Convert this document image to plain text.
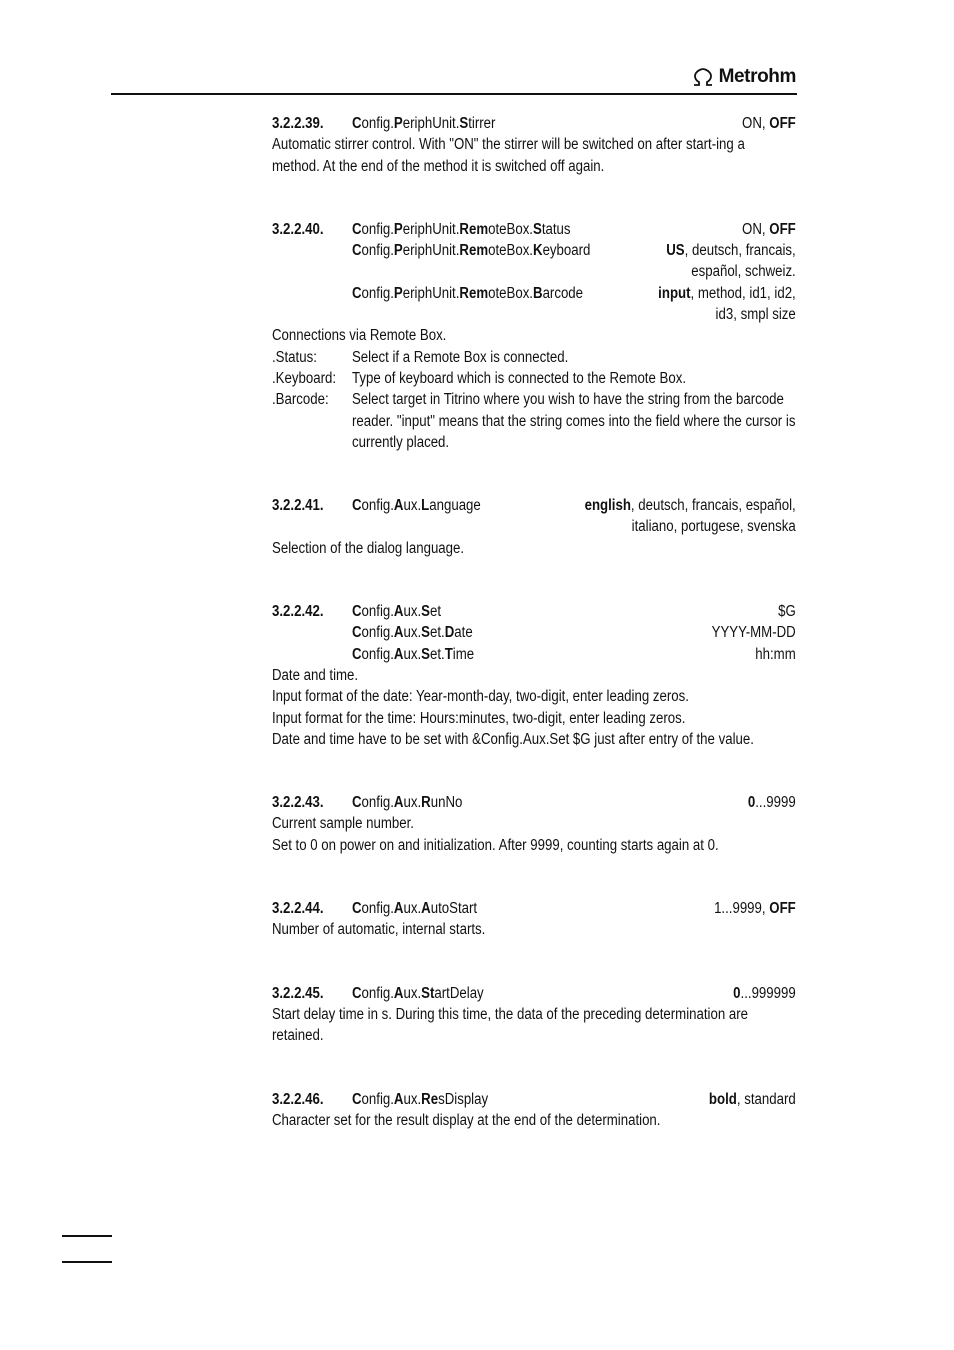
Metrohm
3.2.2.39.	Config.PeriphUnit.Stirrer	ON, OFF

Automatic stirrer control. With "ON" the stirrer will be switched on after start-ing a method. At the end of the method it is switched off again.

3.2.2.40.	Config.PeriphUnit.RemoteBox.Status	ON, OFF
Config.PeriphUnit.RemoteBox.Keyboard	US, deutsch, francais,
español, schweiz.
Config.PeriphUnit.RemoteBox.Barcode	input, method, id1, id2,
id3, smpl size

Connections via Remote Box.

.Status:	Select if a Remote Box is connected.
.Keyboard:	Type of keyboard which is connected to the Remote Box.
.Barcode:	Select target in Titrino where you wish to have the string from the barcode reader. "input" means that the string comes into the field where the cursor is currently placed.
3.2.2.41.	Config.Aux.Language	english, deutsch, francais, español,
italiano, portugese, svenska

Selection of the dialog language.

3.2.2.42.	Config.Aux.Set	$G
Config.Aux.Set.Date	YYYY-MM-DD
Config.Aux.Set.Time	hh:mm

Date and time.

Input format of the date: Year-month-day, two-digit, enter leading zeros.

Input format for the time: Hours:minutes, two-digit, enter leading zeros.

Date and time have to be set with &Config.Aux.Set $G just after entry of the value.

3.2.2.43.	Config.Aux.RunNo	0...9999

Current sample number.

Set to 0 on power on and initialization. After 9999, counting starts again at 0.

3.2.2.44.	Config.Aux.AutoStart	1...9999, OFF

Number of automatic, internal starts.

3.2.2.45.	Config.Aux.StartDelay	0...999999

Start delay time in s. During this time, the data of the preceding determination are retained.

3.2.2.46.	Config.Aux.ResDisplay	bold, standard

Character set for the result display at the end of the determination.
